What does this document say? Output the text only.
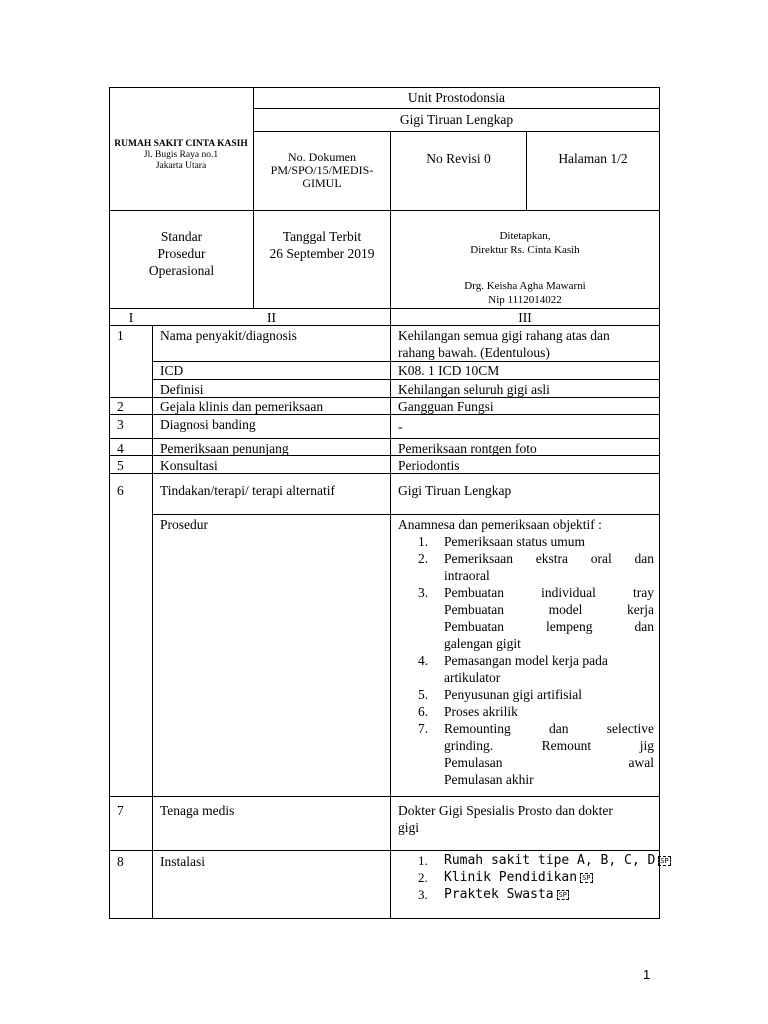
RUMAH SAKIT CINTA KASIH
Jl. Bugis Raya no.1
Jakarta Utara
Unit Prostodonsia
Gigi Tiruan Lengkap
No. Dokumen
PM/SPO/15/MEDIS-
GIMUL
No Revisi 0	Halaman 1/2
Standar
Prosedur
Operasional
Tanggal Terbit
26 September 2019
Ditetapkan,
Direktur Rs. Cinta Kasih
Drg. Keisha Agha Mawarni
Nip 1112014022
I	II	III
1	Nama penyakit/diagnosis	Kehilangan semua gigi rahang atas dan
rahang bawah. (Edentulous)
ICD	K08. 1 ICD 10CM
Definisi	Kehilangan seluruh gigi asli
2	Gejala klinis dan pemeriksaan	Gangguan Fungsi
3	Diagnosi banding	-
4	Pemeriksaan penunjang	Pemeriksaan rontgen foto
5	Konsultasi	Periodontis
6	Tindakan/terapi/ terapi alternatif	Gigi Tiruan Lengkap
Prosedur	Anamnesa dan pemeriksaan objektif :
1. Pemeriksaan status umum
2. Pemeriksaan ekstra oral dan
intraoral
3. Pembuatan	individual	tray
Pembuatan	model	kerja
Pembuatan	lempeng	dan
galengan gigit
4. Pemasangan model kerja pada
artikulator
5. Penyusunan gigi artifisial
6. Proses akrilik
7. Remounting	dan	selective
grinding.	Remount	jig
Pemulasan	awal
Pemulasan akhir
7	Tenaga medis	Dokter Gigi Spesialis Prosto dan dokter
gigi
8	Instalasi	1. Rumah sakit tipe A, B, C, D SP
2. Klinik Pendidikan SP
3. Praktek Swasta SP
1
